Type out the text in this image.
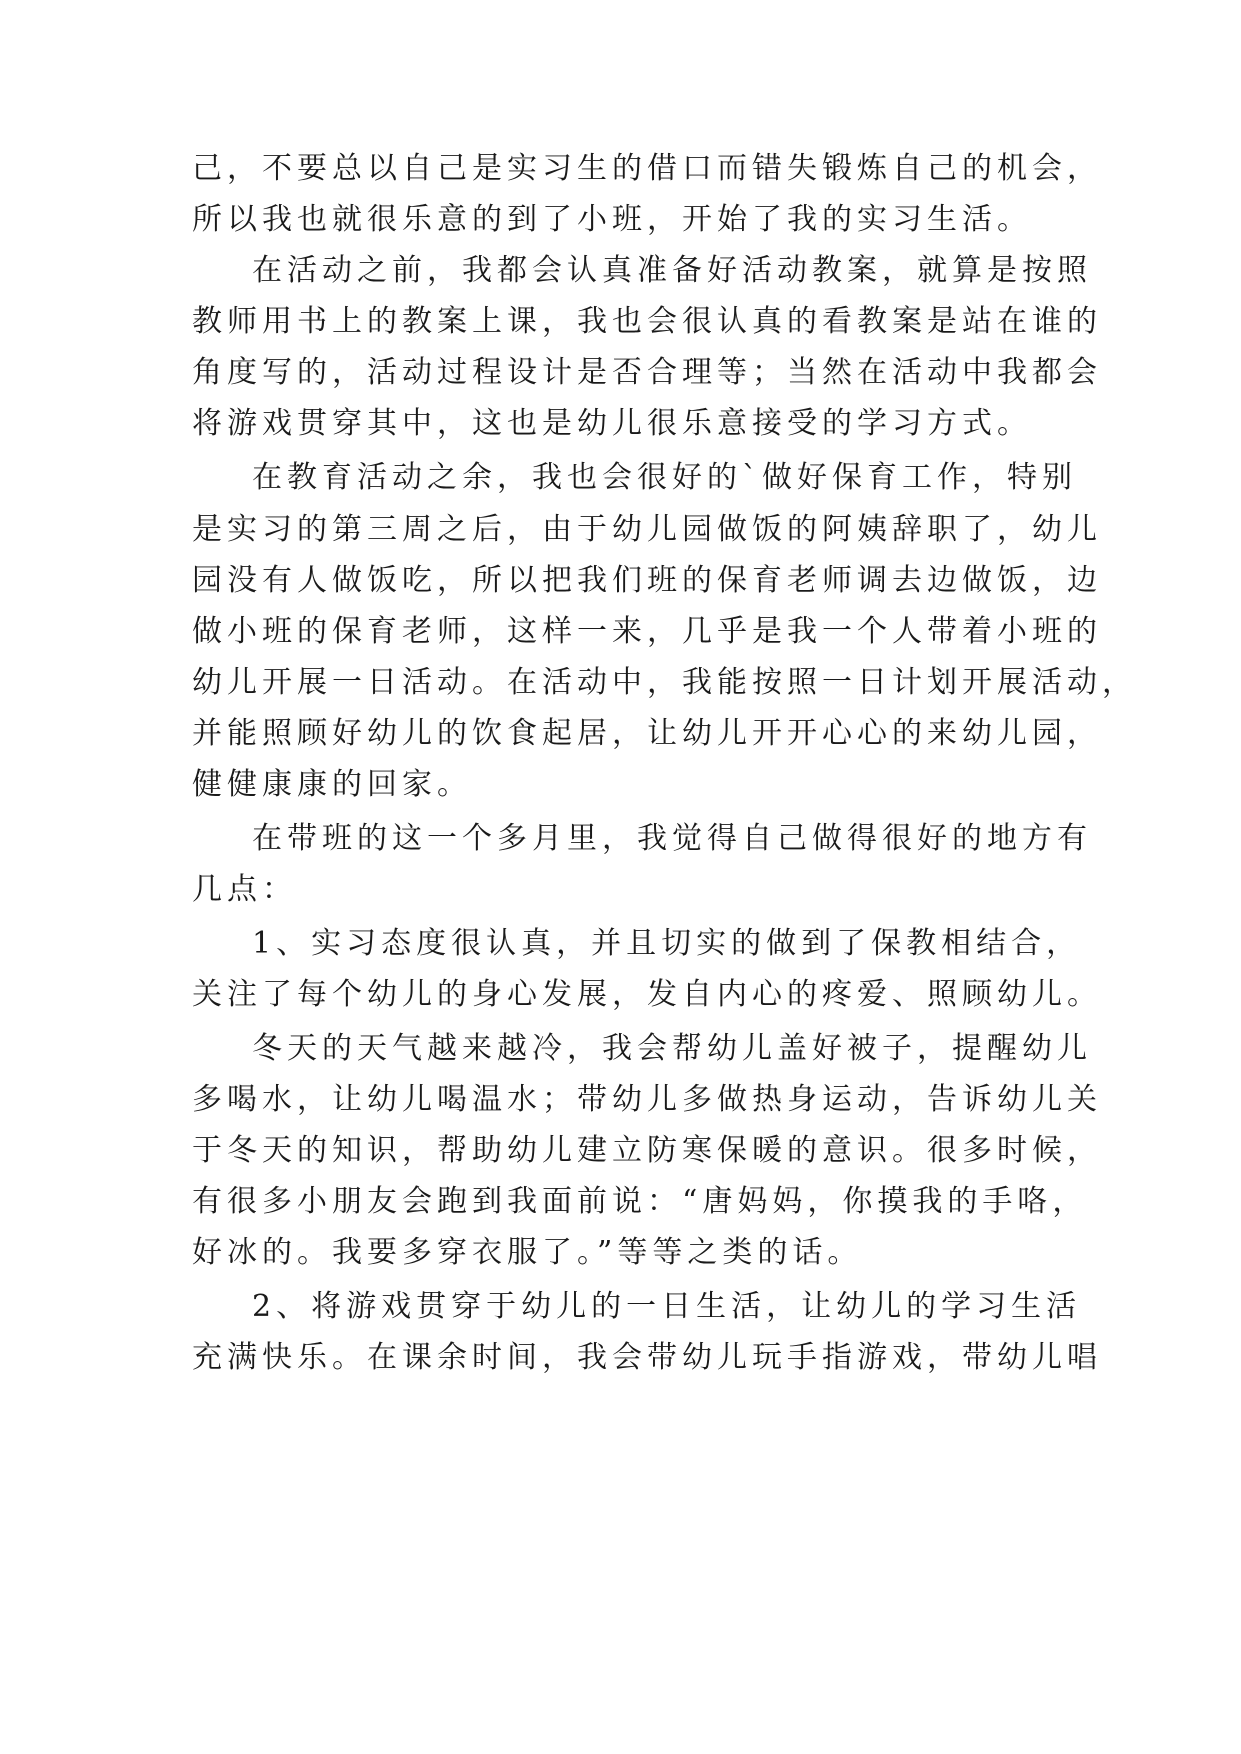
己，不要总以自己是实习生的借口而错失锻炼自己的机会，
所以我也就很乐意的到了小班，开始了我的实习生活。
在活动之前，我都会认真准备好活动教案，就算是按照
教师用书上的教案上课，我也会很认真的看教案是站在谁的
角度写的，活动过程设计是否合理等；当然在活动中我都会
将游戏贯穿其中，这也是幼儿很乐意接受的学习方式。
在教育活动之余，我也会很好的`做好保育工作，特别
是实习的第三周之后，由于幼儿园做饭的阿姨辞职了，幼儿
园没有人做饭吃，所以把我们班的保育老师调去边做饭，边
做小班的保育老师，这样一来，几乎是我一个人带着小班的
幼儿开展一日活动。在活动中，我能按照一日计划开展活动，
并能照顾好幼儿的饮食起居，让幼儿开开心心的来幼儿园，
健健康康的回家。
在带班的这一个多月里，我觉得自己做得很好的地方有
几点：
1、实习态度很认真，并且切实的做到了保教相结合，
关注了每个幼儿的身心发展，发自内心的疼爱、照顾幼儿。
冬天的天气越来越冷，我会帮幼儿盖好被子，提醒幼儿
多喝水，让幼儿喝温水；带幼儿多做热身运动，告诉幼儿关
于冬天的知识，帮助幼儿建立防寒保暖的意识。很多时候，
有很多小朋友会跑到我面前说：“唐妈妈，你摸我的手咯，
好冰的。我要多穿衣服了。”等等之类的话。
2、将游戏贯穿于幼儿的一日生活，让幼儿的学习生活
充满快乐。在课余时间，我会带幼儿玩手指游戏，带幼儿唱
